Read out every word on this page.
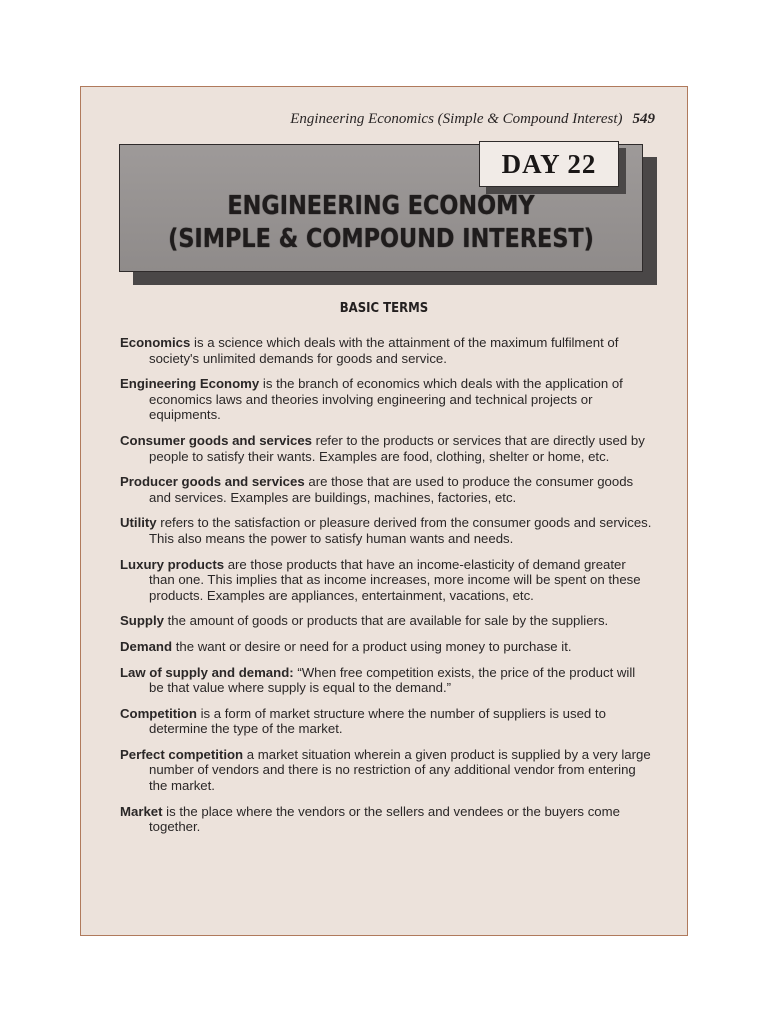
Engineering Economics (Simple & Compound Interest) 549
DAY 22
ENGINEERING ECONOMY
(SIMPLE & COMPOUND INTEREST)
BASIC TERMS

Economics is a science which deals with the attainment of the maximum fulfilment of society's unlimited demands for goods and service.

Engineering Economy is the branch of economics which deals with the application of economics laws and theories involving engineering and technical projects or equipments.

Consumer goods and services refer to the products or services that are directly used by people to satisfy their wants. Examples are food, clothing, shelter or home, etc.

Producer goods and services are those that are used to produce the consumer goods and services. Examples are buildings, machines, factories, etc.

Utility refers to the satisfaction or pleasure derived from the consumer goods and services. This also means the power to satisfy human wants and needs.

Luxury products are those products that have an income-elasticity of demand greater than one. This implies that as income increases, more income will be spent on these products. Examples are appliances, entertainment, vacations, etc.

Supply the amount of goods or products that are available for sale by the suppliers.

Demand the want or desire or need for a product using money to purchase it.

Law of supply and demand: “When free competition exists, the price of the product will be that value where supply is equal to the demand.”

Competition is a form of market structure where the number of suppliers is used to determine the type of the market.

Perfect competition a market situation wherein a given product is supplied by a very large number of vendors and there is no restriction of any additional vendor from entering the market.

Market is the place where the vendors or the sellers and vendees or the buyers come together.
